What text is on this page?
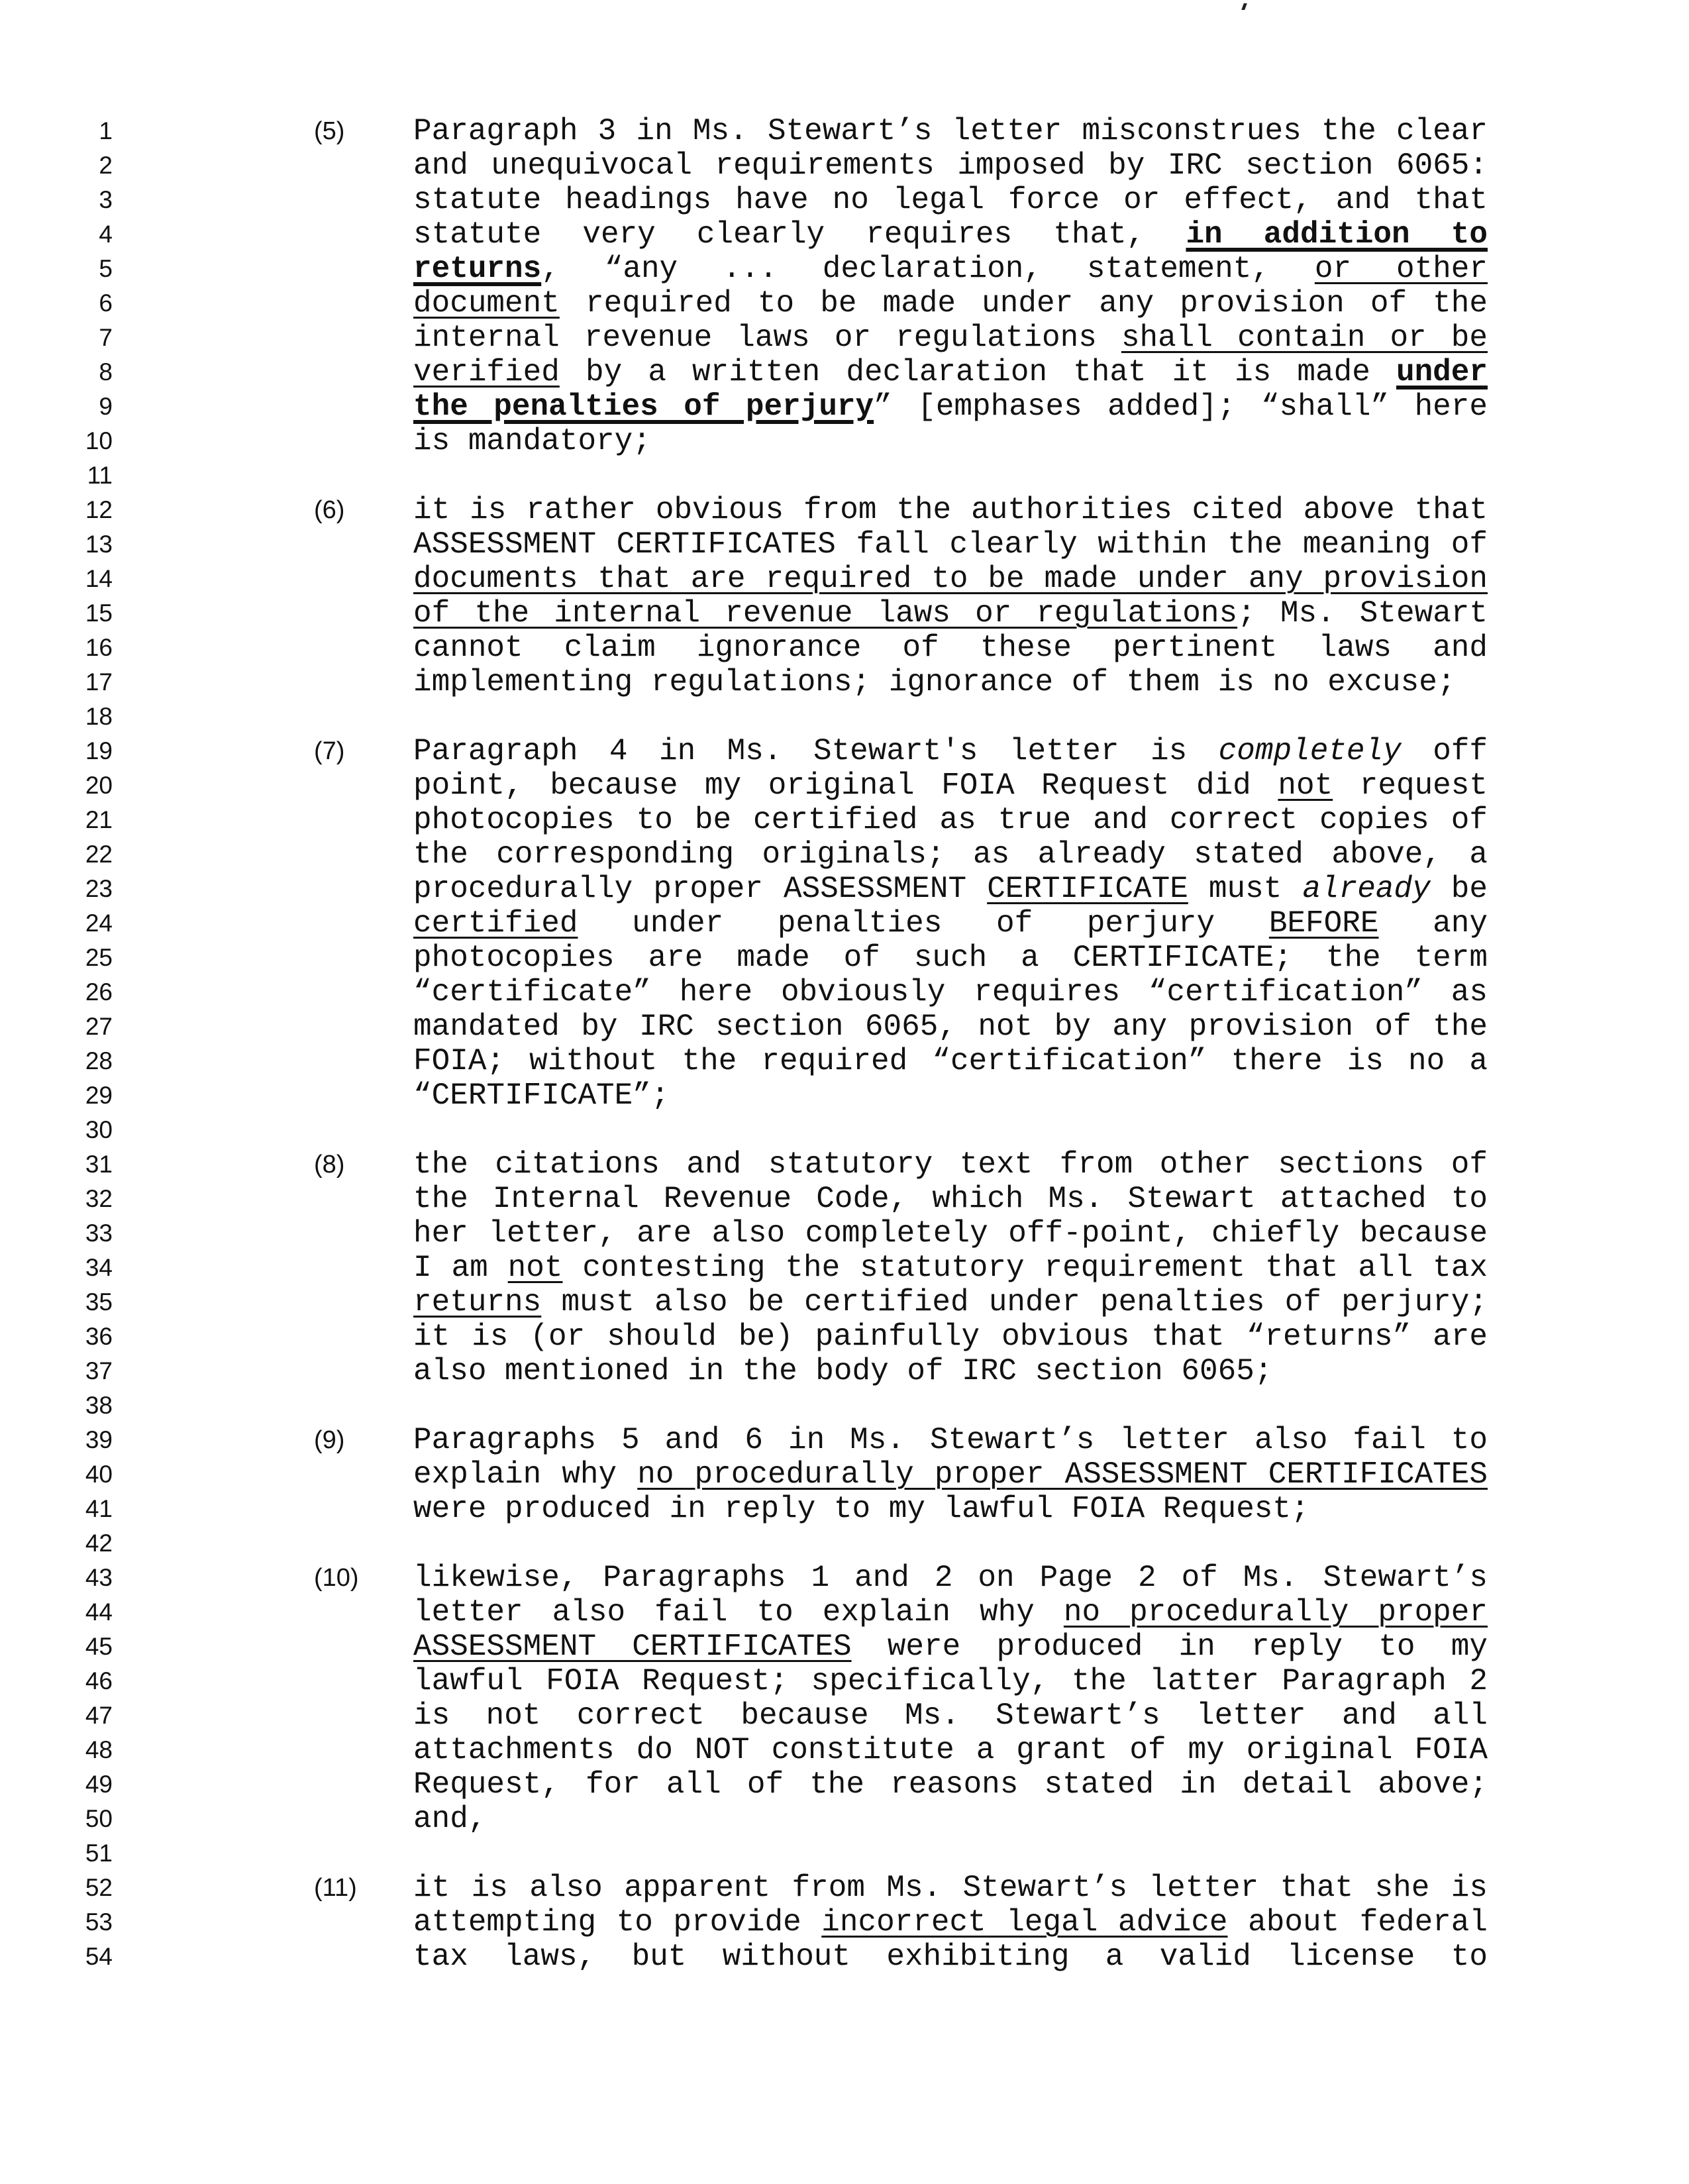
1
2
3
4
5
6
7
8
9
10
11
12
13
14
15
16
17
18
19
20
21
22
23
24
25
26
27
28
29
30
31
32
33
34
35
36
37
38
39
40
41
42
43
44
45
46
47
48
49
50
51
52
53
54
(5)	Paragraph 3 in Ms. Stewart’s letter misconstrues the clear
and unequivocal requirements imposed by IRC section 6065:
statute headings have no legal force or effect, and that
statute very clearly requires that, in addition to
returns, “any ... declaration, statement, or other
document required to be made under any provision of the
internal revenue laws or regulations shall contain or be
verified by a written declaration that it is made under
the penalties of perjury” [emphases added]; “shall” here
is mandatory;
(6)	it is rather obvious from the authorities cited above that
ASSESSMENT CERTIFICATES fall clearly within the meaning of
documents that are required to be made under any provision
of the internal revenue laws or regulations; Ms. Stewart
cannot claim ignorance of these pertinent laws and
implementing regulations; ignorance of them is no excuse;
(7)	Paragraph 4 in Ms. Stewart's letter is completely off
point, because my original FOIA Request did not request
photocopies to be certified as true and correct copies of
the corresponding originals; as already stated above, a
procedurally proper ASSESSMENT CERTIFICATE must already be
certified under penalties of perjury BEFORE any
photocopies are made of such a CERTIFICATE; the term
“certificate” here obviously requires “certification” as
mandated by IRC section 6065, not by any provision of the
FOIA; without the required “certification” there is no a
“CERTIFICATE”;
(8)	the citations and statutory text from other sections of
the Internal Revenue Code, which Ms. Stewart attached to
her letter, are also completely off-point, chiefly because
I am not contesting the statutory requirement that all tax
returns must also be certified under penalties of perjury;
it is (or should be) painfully obvious that “returns” are
also mentioned in the body of IRC section 6065;
(9)	Paragraphs 5 and 6 in Ms. Stewart’s letter also fail to
explain why no procedurally proper ASSESSMENT CERTIFICATES
were produced in reply to my lawful FOIA Request;
(10)	likewise, Paragraphs 1 and 2 on Page 2 of Ms. Stewart’s
letter also fail to explain why no procedurally proper
ASSESSMENT CERTIFICATES were produced in reply to my
lawful FOIA Request; specifically, the latter Paragraph 2
is not correct because Ms. Stewart’s letter and all
attachments do NOT constitute a grant of my original FOIA
Request, for all of the reasons stated in detail above;
and,
(11)	it is also apparent from Ms. Stewart’s letter that she is
attempting to provide incorrect legal advice about federal
tax laws, but without exhibiting a valid license to
